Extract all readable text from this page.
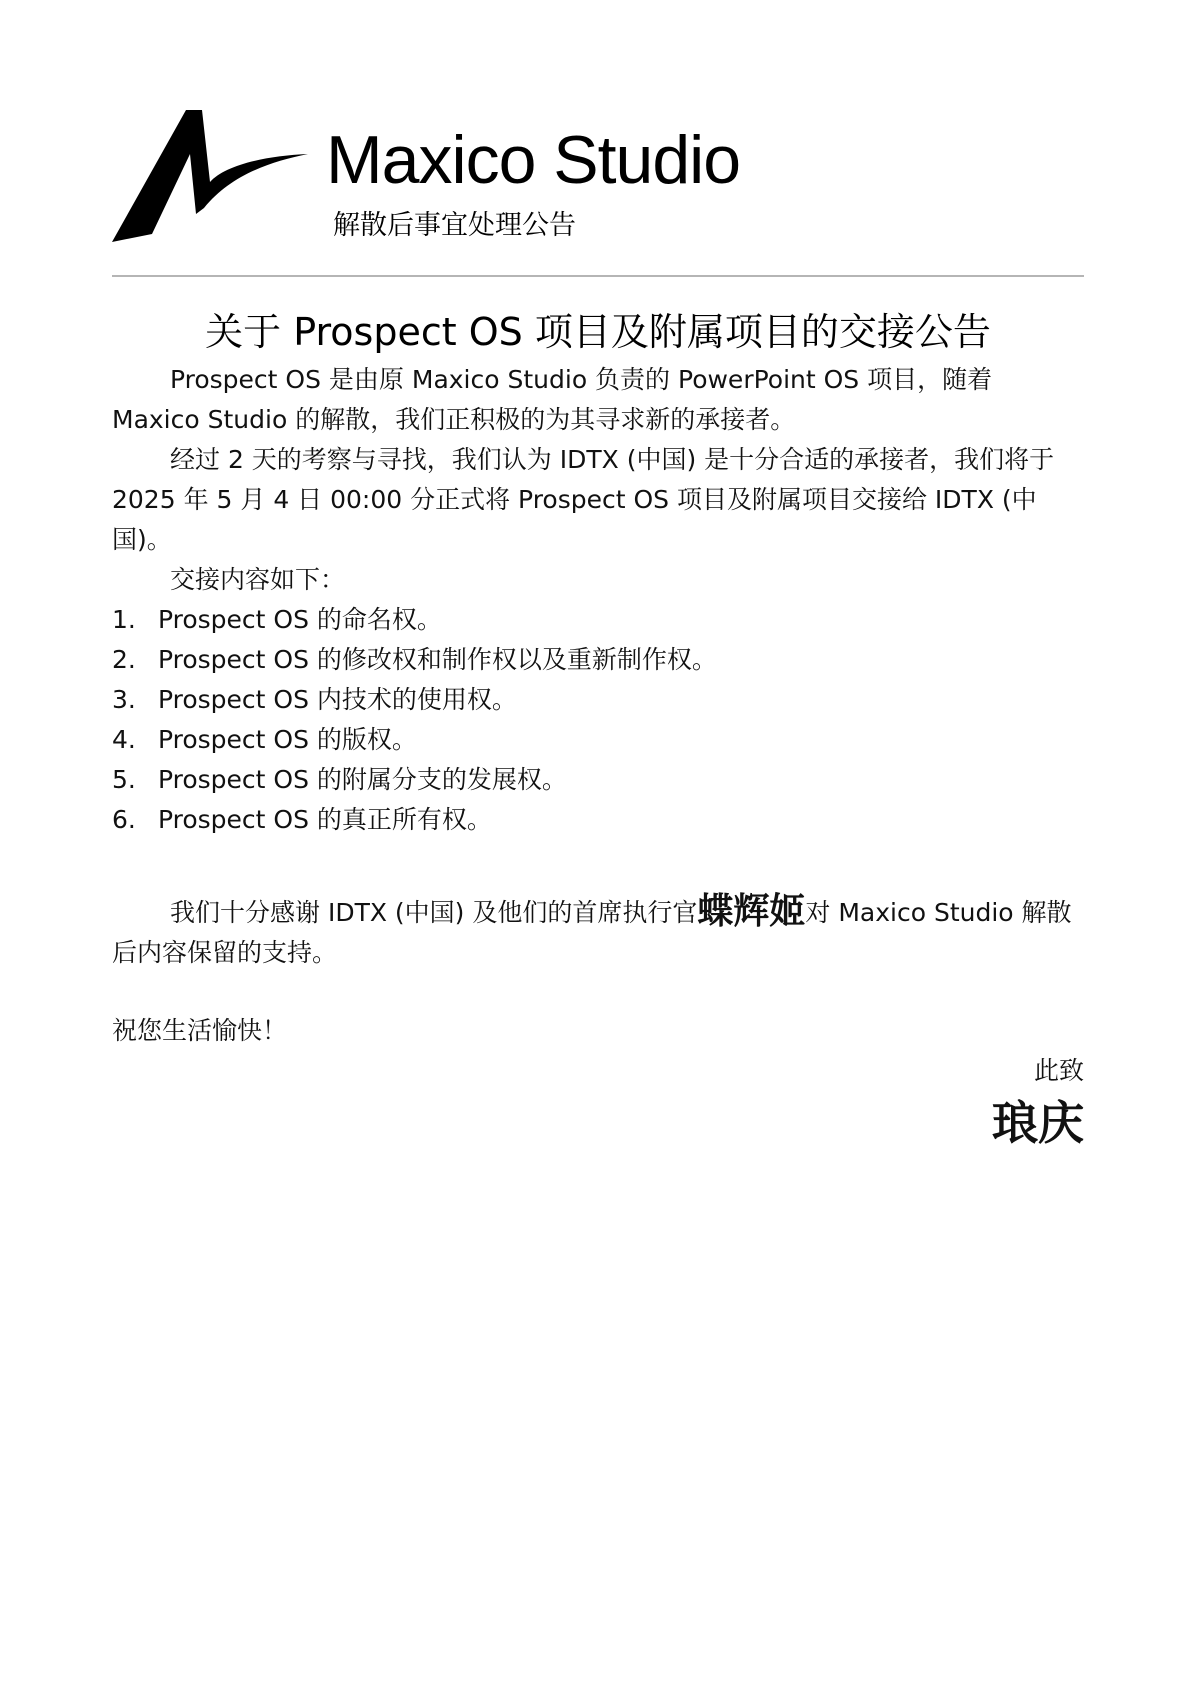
Maxico Studio
解散后事宜处理公告
关于 Prospect OS 项目及附属项目的交接公告

Prospect OS 是由原 Maxico Studio 负责的 PowerPoint OS 项目，随着 Maxico Studio 的解散，我们正积极的为其寻求新的承接者。

经过 2 天的考察与寻找，我们认为 IDTX (中国) 是十分合适的承接者，我们将于 2025 年 5 月 4 日 00:00 分正式将 Prospect OS 项目及附属项目交接给 IDTX (中国)。

交接内容如下：

1. Prospect OS 的命名权。
2. Prospect OS 的修改权和制作权以及重新制作权。
3. Prospect OS 内技术的使用权。
4. Prospect OS 的版权。
5. Prospect OS 的附属分支的发展权。
6. Prospect OS 的真正所有权。

我们十分感谢 IDTX (中国) 及他们的首席执行官蝶辉姬对 Maxico Studio 解散后内容保留的支持。

祝您生活愉快！

此致

琅庆
